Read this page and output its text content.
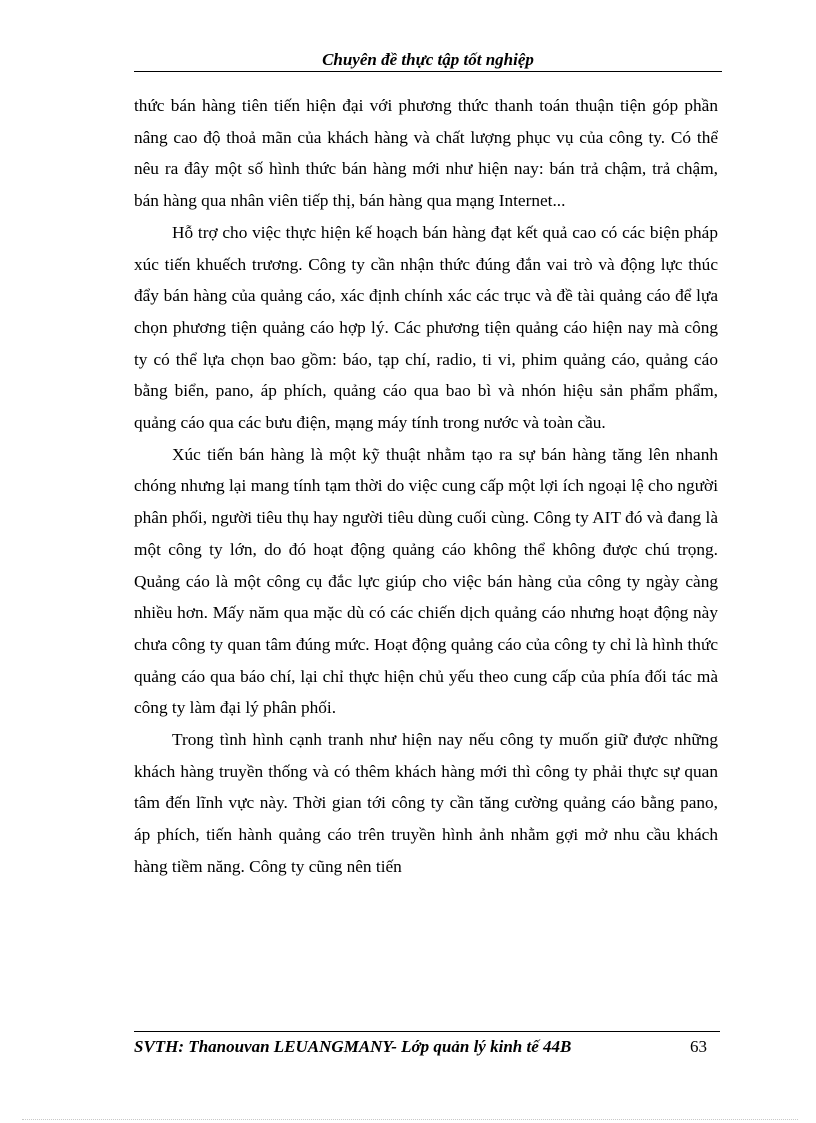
Chuyên đề thực tập tốt nghiệp

thức bán hàng tiên tiến hiện đại với phương thức thanh toán thuận tiện góp phần nâng cao độ thoả mãn của khách hàng và chất lượng phục vụ của công ty. Có thể nêu ra đây một số hình thức bán hàng mới như hiện nay: bán trả chậm, trả chậm, bán hàng qua nhân viên tiếp thị, bán hàng qua mạng Internet...

Hỗ trợ cho việc thực hiện kế hoạch bán hàng đạt kết quả cao có các biện pháp xúc tiến khuếch trương. Công ty cần nhận thức đúng đắn vai trò và động lực thúc đẩy bán hàng của quảng cáo, xác định chính xác các trục và đề tài quảng cáo để lựa chọn phương tiện quảng cáo hợp lý. Các phương tiện quảng cáo hiện nay mà công ty có thể lựa chọn bao gồm: báo, tạp chí, radio, ti vi, phim quảng cáo, quảng cáo bằng biển, pano, áp phích, quảng cáo qua bao bì và nhón hiệu sản phẩm phẩm, quảng cáo qua các bưu điện, mạng máy tính trong nước và toàn cầu.

Xúc tiến bán hàng là một kỹ thuật nhằm tạo ra sự bán hàng tăng lên nhanh chóng nhưng lại mang tính tạm thời do việc cung cấp một lợi ích ngoại lệ cho người phân phối, người tiêu thụ hay người tiêu dùng cuối cùng. Công ty AIT đó và đang là một công ty lớn, do đó hoạt động quảng cáo không thể không được chú trọng. Quảng cáo là một công cụ đắc lực giúp cho việc bán hàng của công ty ngày càng nhiều hơn. Mấy năm qua mặc dù có các chiến dịch quảng cáo nhưng hoạt động này chưa công ty quan tâm đúng mức. Hoạt động quảng cáo của công ty chỉ là hình thức quảng cáo qua báo chí, lại chỉ thực hiện chủ yếu theo cung cấp của phía đối tác mà công ty làm đại lý phân phối.

Trong tình hình cạnh tranh như hiện nay nếu công ty muốn giữ được những khách hàng truyền thống và có thêm khách hàng mới thì công ty phải thực sự quan tâm đến lĩnh vực này. Thời gian tới công ty cần tăng cường quảng cáo bằng pano, áp phích, tiến hành quảng cáo trên truyền hình ảnh nhằm gợi mở nhu cầu khách hàng tiềm năng. Công ty cũng nên tiến

SVTH: Thanouvan LEUANGMANY- Lớp quản lý kinh tế 44B	63
